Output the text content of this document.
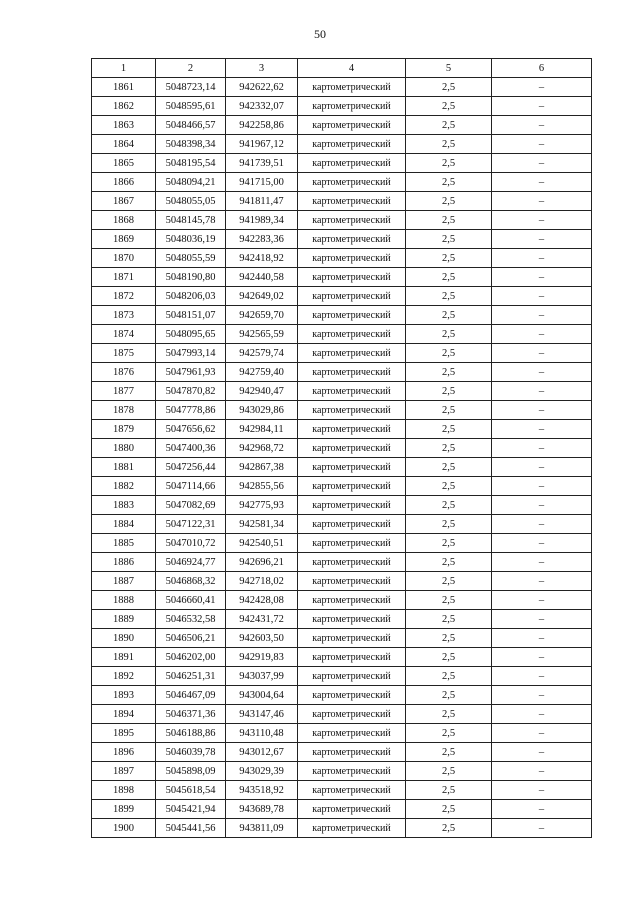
50
1	2	3	4	5	6
1861	5048723,14	942622,62	картометрический	2,5	–
1862	5048595,61	942332,07	картометрический	2,5	–
1863	5048466,57	942258,86	картометрический	2,5	–
1864	5048398,34	941967,12	картометрический	2,5	–
1865	5048195,54	941739,51	картометрический	2,5	–
1866	5048094,21	941715,00	картометрический	2,5	–
1867	5048055,05	941811,47	картометрический	2,5	–
1868	5048145,78	941989,34	картометрический	2,5	–
1869	5048036,19	942283,36	картометрический	2,5	–
1870	5048055,59	942418,92	картометрический	2,5	–
1871	5048190,80	942440,58	картометрический	2,5	–
1872	5048206,03	942649,02	картометрический	2,5	–
1873	5048151,07	942659,70	картометрический	2,5	–
1874	5048095,65	942565,59	картометрический	2,5	–
1875	5047993,14	942579,74	картометрический	2,5	–
1876	5047961,93	942759,40	картометрический	2,5	–
1877	5047870,82	942940,47	картометрический	2,5	–
1878	5047778,86	943029,86	картометрический	2,5	–
1879	5047656,62	942984,11	картометрический	2,5	–
1880	5047400,36	942968,72	картометрический	2,5	–
1881	5047256,44	942867,38	картометрический	2,5	–
1882	5047114,66	942855,56	картометрический	2,5	–
1883	5047082,69	942775,93	картометрический	2,5	–
1884	5047122,31	942581,34	картометрический	2,5	–
1885	5047010,72	942540,51	картометрический	2,5	–
1886	5046924,77	942696,21	картометрический	2,5	–
1887	5046868,32	942718,02	картометрический	2,5	–
1888	5046660,41	942428,08	картометрический	2,5	–
1889	5046532,58	942431,72	картометрический	2,5	–
1890	5046506,21	942603,50	картометрический	2,5	–
1891	5046202,00	942919,83	картометрический	2,5	–
1892	5046251,31	943037,99	картометрический	2,5	–
1893	5046467,09	943004,64	картометрический	2,5	–
1894	5046371,36	943147,46	картометрический	2,5	–
1895	5046188,86	943110,48	картометрический	2,5	–
1896	5046039,78	943012,67	картометрический	2,5	–
1897	5045898,09	943029,39	картометрический	2,5	–
1898	5045618,54	943518,92	картометрический	2,5	–
1899	5045421,94	943689,78	картометрический	2,5	–
1900	5045441,56	943811,09	картометрический	2,5	–
